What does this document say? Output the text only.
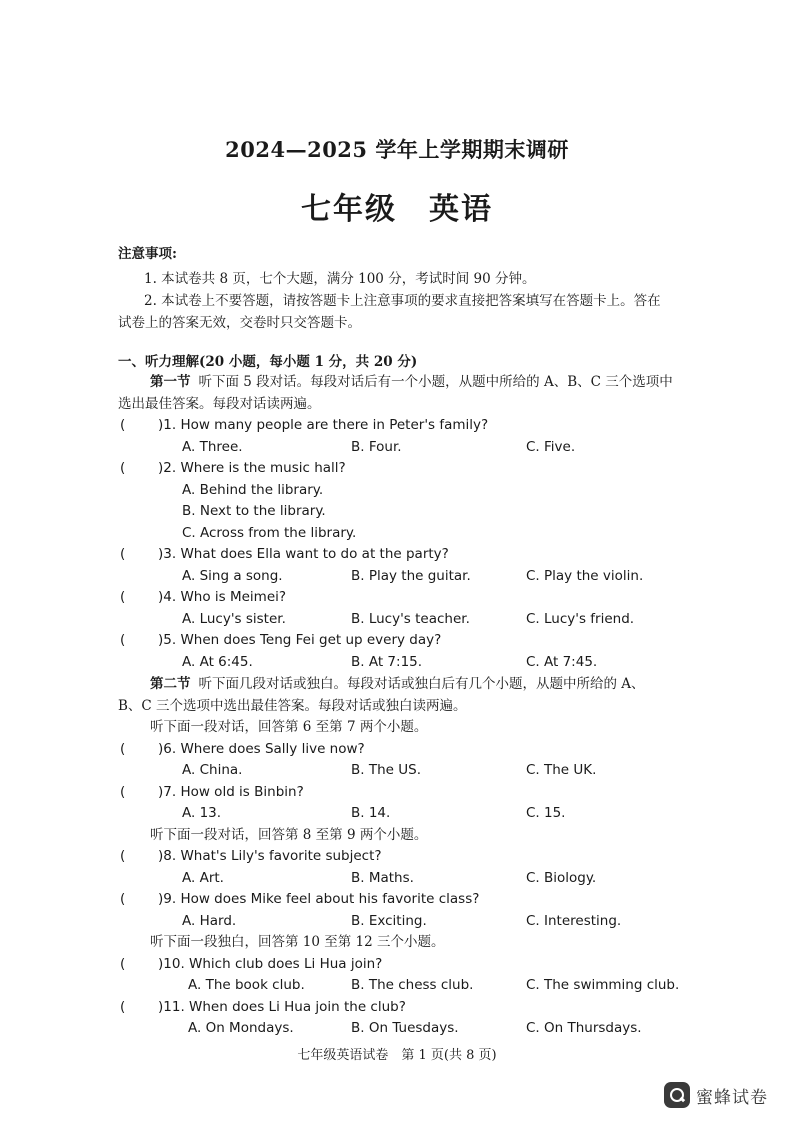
2024—2025 学年上学期期末调研
七年级　英语
注意事项:
1. 本试卷共 8 页，七个大题，满分 100 分，考试时间 90 分钟。
2. 本试卷上不要答题，请按答题卡上注意事项的要求直接把答案填写在答题卡上。答在
试卷上的答案无效，交卷时只交答题卡。
一、听力理解(20 小题，每小题 1 分，共 20 分)
第一节 听下面 5 段对话。每段对话后有一个小题，从题中所给的 A、B、C 三个选项中
选出最佳答案。每段对话读两遍。
( )1. How many people are there in Peter's family?
A. Three.	B. Four.	C. Five.
( )2. Where is the music hall?
A. Behind the library.
B. Next to the library.
C. Across from the library.
( )3. What does Ella want to do at the party?
A. Sing a song.	B. Play the guitar.	C. Play the violin.
( )4. Who is Meimei?
A. Lucy's sister.	B. Lucy's teacher.	C. Lucy's friend.
( )5. When does Teng Fei get up every day?
A. At 6:45.	B. At 7:15.	C. At 7:45.
第二节 听下面几段对话或独白。每段对话或独白后有几个小题，从题中所给的 A、
B、C 三个选项中选出最佳答案。每段对话或独白读两遍。
听下面一段对话，回答第 6 至第 7 两个小题。
( )6. Where does Sally live now?
A. China.	B. The US.	C. The UK.
( )7. How old is Binbin?
A. 13.	B. 14.	C. 15.
听下面一段对话，回答第 8 至第 9 两个小题。
( )8. What's Lily's favorite subject?
A. Art.	B. Maths.	C. Biology.
( )9. How does Mike feel about his favorite class?
A. Hard.	B. Exciting.	C. Interesting.
听下面一段独白，回答第 10 至第 12 三个小题。
( )10. Which club does Li Hua join?
A. The book club.	B. The chess club.	C. The swimming club.
( )11. When does Li Hua join the club?
A. On Mondays.	B. On Tuesdays.	C. On Thursdays.
七年级英语试卷　第 1 页(共 8 页)
蜜蜂试卷
